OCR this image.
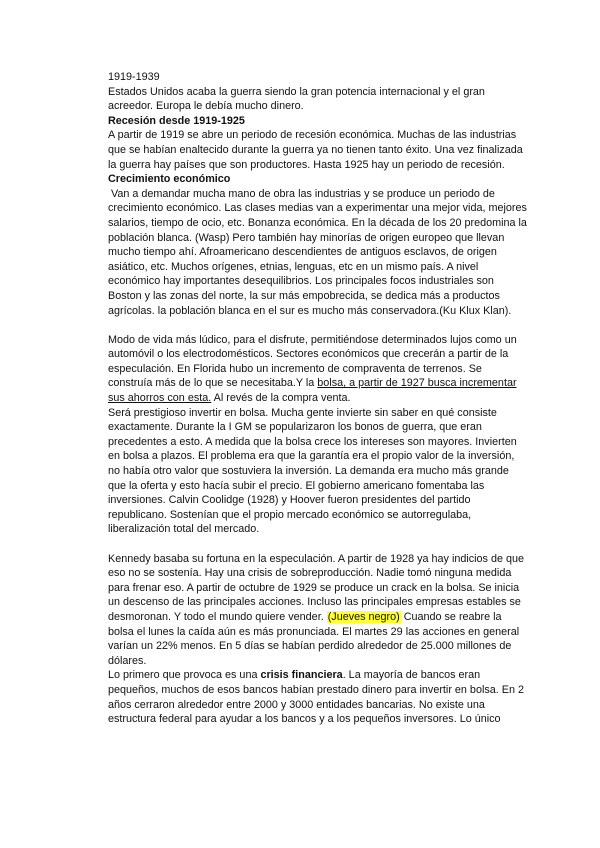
1919-1939

Estados Unidos acaba la guerra siendo la gran potencia internacional y el gran acreedor. Europa le debía mucho dinero.

Recesión desde 1919-1925

A partir de 1919 se abre un periodo de recesión económica. Muchas de las industrias que se habían enaltecido durante la guerra ya no tienen tanto éxito. Una vez finalizada la guerra hay países que son productores. Hasta 1925 hay un periodo de recesión.

Crecimiento económico

Van a demandar mucha mano de obra las industrias y se produce un periodo de crecimiento económico. Las clases medias van a experimentar una mejor vida, mejores salarios, tiempo de ocio, etc. Bonanza económica. En la década de los 20 predomina la población blanca. (Wasp) Pero también hay minorías de origen europeo que llevan mucho tiempo ahí. Afroamericano descendientes de antiguos esclavos, de origen asiático, etc. Muchos orígenes, etnias, lenguas, etc en un mismo país. A nivel económico hay importantes desequilibrios. Los principales focos industriales son Boston y las zonas del norte, la sur más empobrecida, se dedica más a productos agrícolas. la población blanca en el sur es mucho más conservadora.(Ku Klux Klan).

Modo de vida más lúdico, para el disfrute, permitiéndose determinados lujos como un automóvil o los electrodomésticos. Sectores económicos que crecerán a partir de la especulación. En Florida hubo un incremento de compraventa de terrenos. Se construía más de lo que se necesitaba.Y la bolsa, a partir de 1927 busca incrementar sus ahorros con esta. Al revés de la compra venta.

Será prestigioso invertir en bolsa. Mucha gente invierte sin saber en qué consiste exactamente. Durante la I GM se popularizaron los bonos de guerra, que eran precedentes a esto. A medida que la bolsa crece los intereses son mayores. Invierten en bolsa a plazos. El problema era que la garantía era el propio valor de la inversión, no había otro valor que sostuviera la inversión. La demanda era mucho más grande que la oferta y esto hacía subir el precio. El gobierno americano fomentaba las inversiones. Calvin Coolidge (1928) y Hoover fueron presidentes del partido republicano. Sostenían que el propio mercado económico se autorregulaba, liberalización total del mercado.

Kennedy basaba su fortuna en la especulación. A partir de 1928 ya hay indicios de que eso no se sostenía. Hay una crisis de sobreproducción. Nadie tomó ninguna medida para frenar eso. A partir de octubre de 1929 se produce un crack en la bolsa. Se inicia un descenso de las principales acciones. Incluso las principales empresas estables se desmoronan. Y todo el mundo quiere vender. (Jueves negro) Cuando se reabre la bolsa el lunes la caída aún es más pronunciada. El martes 29 las acciones en general varían un 22% menos. En 5 días se habían perdido alrededor de 25.000 millones de dólares.

Lo primero que provoca es una crisis financiera. La mayoría de bancos eran pequeños, muchos de esos bancos habían prestado dinero para invertir en bolsa. En 2 años cerraron alrededor entre 2000 y 3000 entidades bancarias. No existe una estructura federal para ayudar a los bancos y a los pequeños inversores. Lo único
